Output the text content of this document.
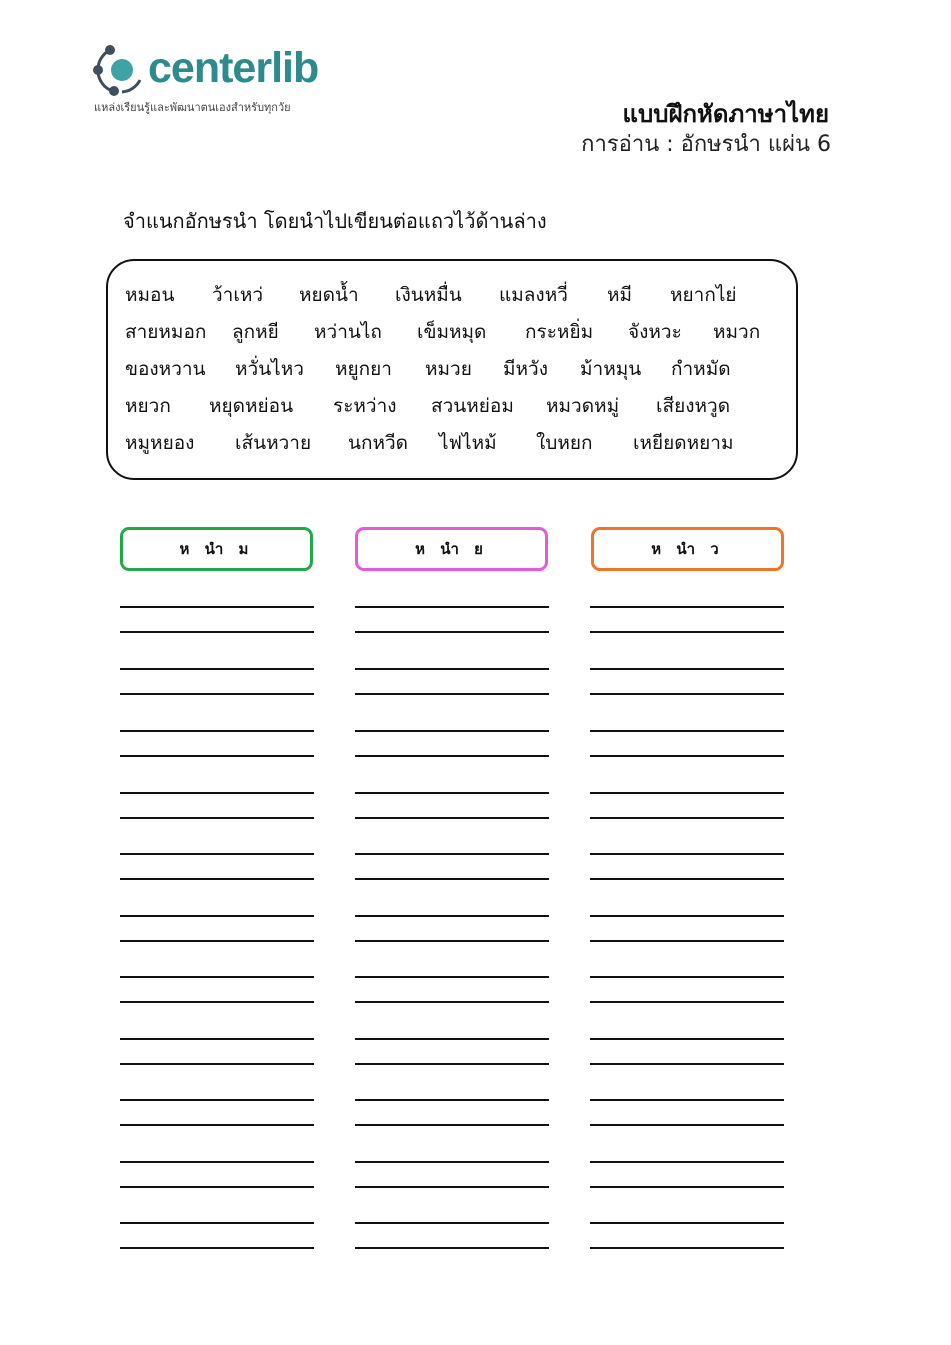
centerlib
แหล่งเรียนรู้และพัฒนาตนเองสำหรับทุกวัย	แบบฝึกหัดภาษาไทย
การอ่าน : อักษรนำ แผ่น 6
จำแนกอักษรนำ โดยนำไปเขียนต่อแถวไว้ด้านล่าง
หมอน ว้าเหว่ หยดน้ำ เงินหมื่น แมลงหวี่ หมี หยากไย่
สายหมอก ลูกหยี หว่านไถ เข็มหมุด กระหยิ่ม จังหวะ หมวก
ของหวาน หวั่นไหว หยูกยา หมวย มีหวัง ม้าหมุน กำหมัด
หยวก หยุดหย่อน ระหว่าง สวนหย่อม หมวดหมู่ เสียงหวูด
หมูหยอง เส้นหวาย นกหวีด ไฟไหม้ ใบหยก เหยียดหยาม
ห นำ ม	ห นำ ย	ห นำ ว
